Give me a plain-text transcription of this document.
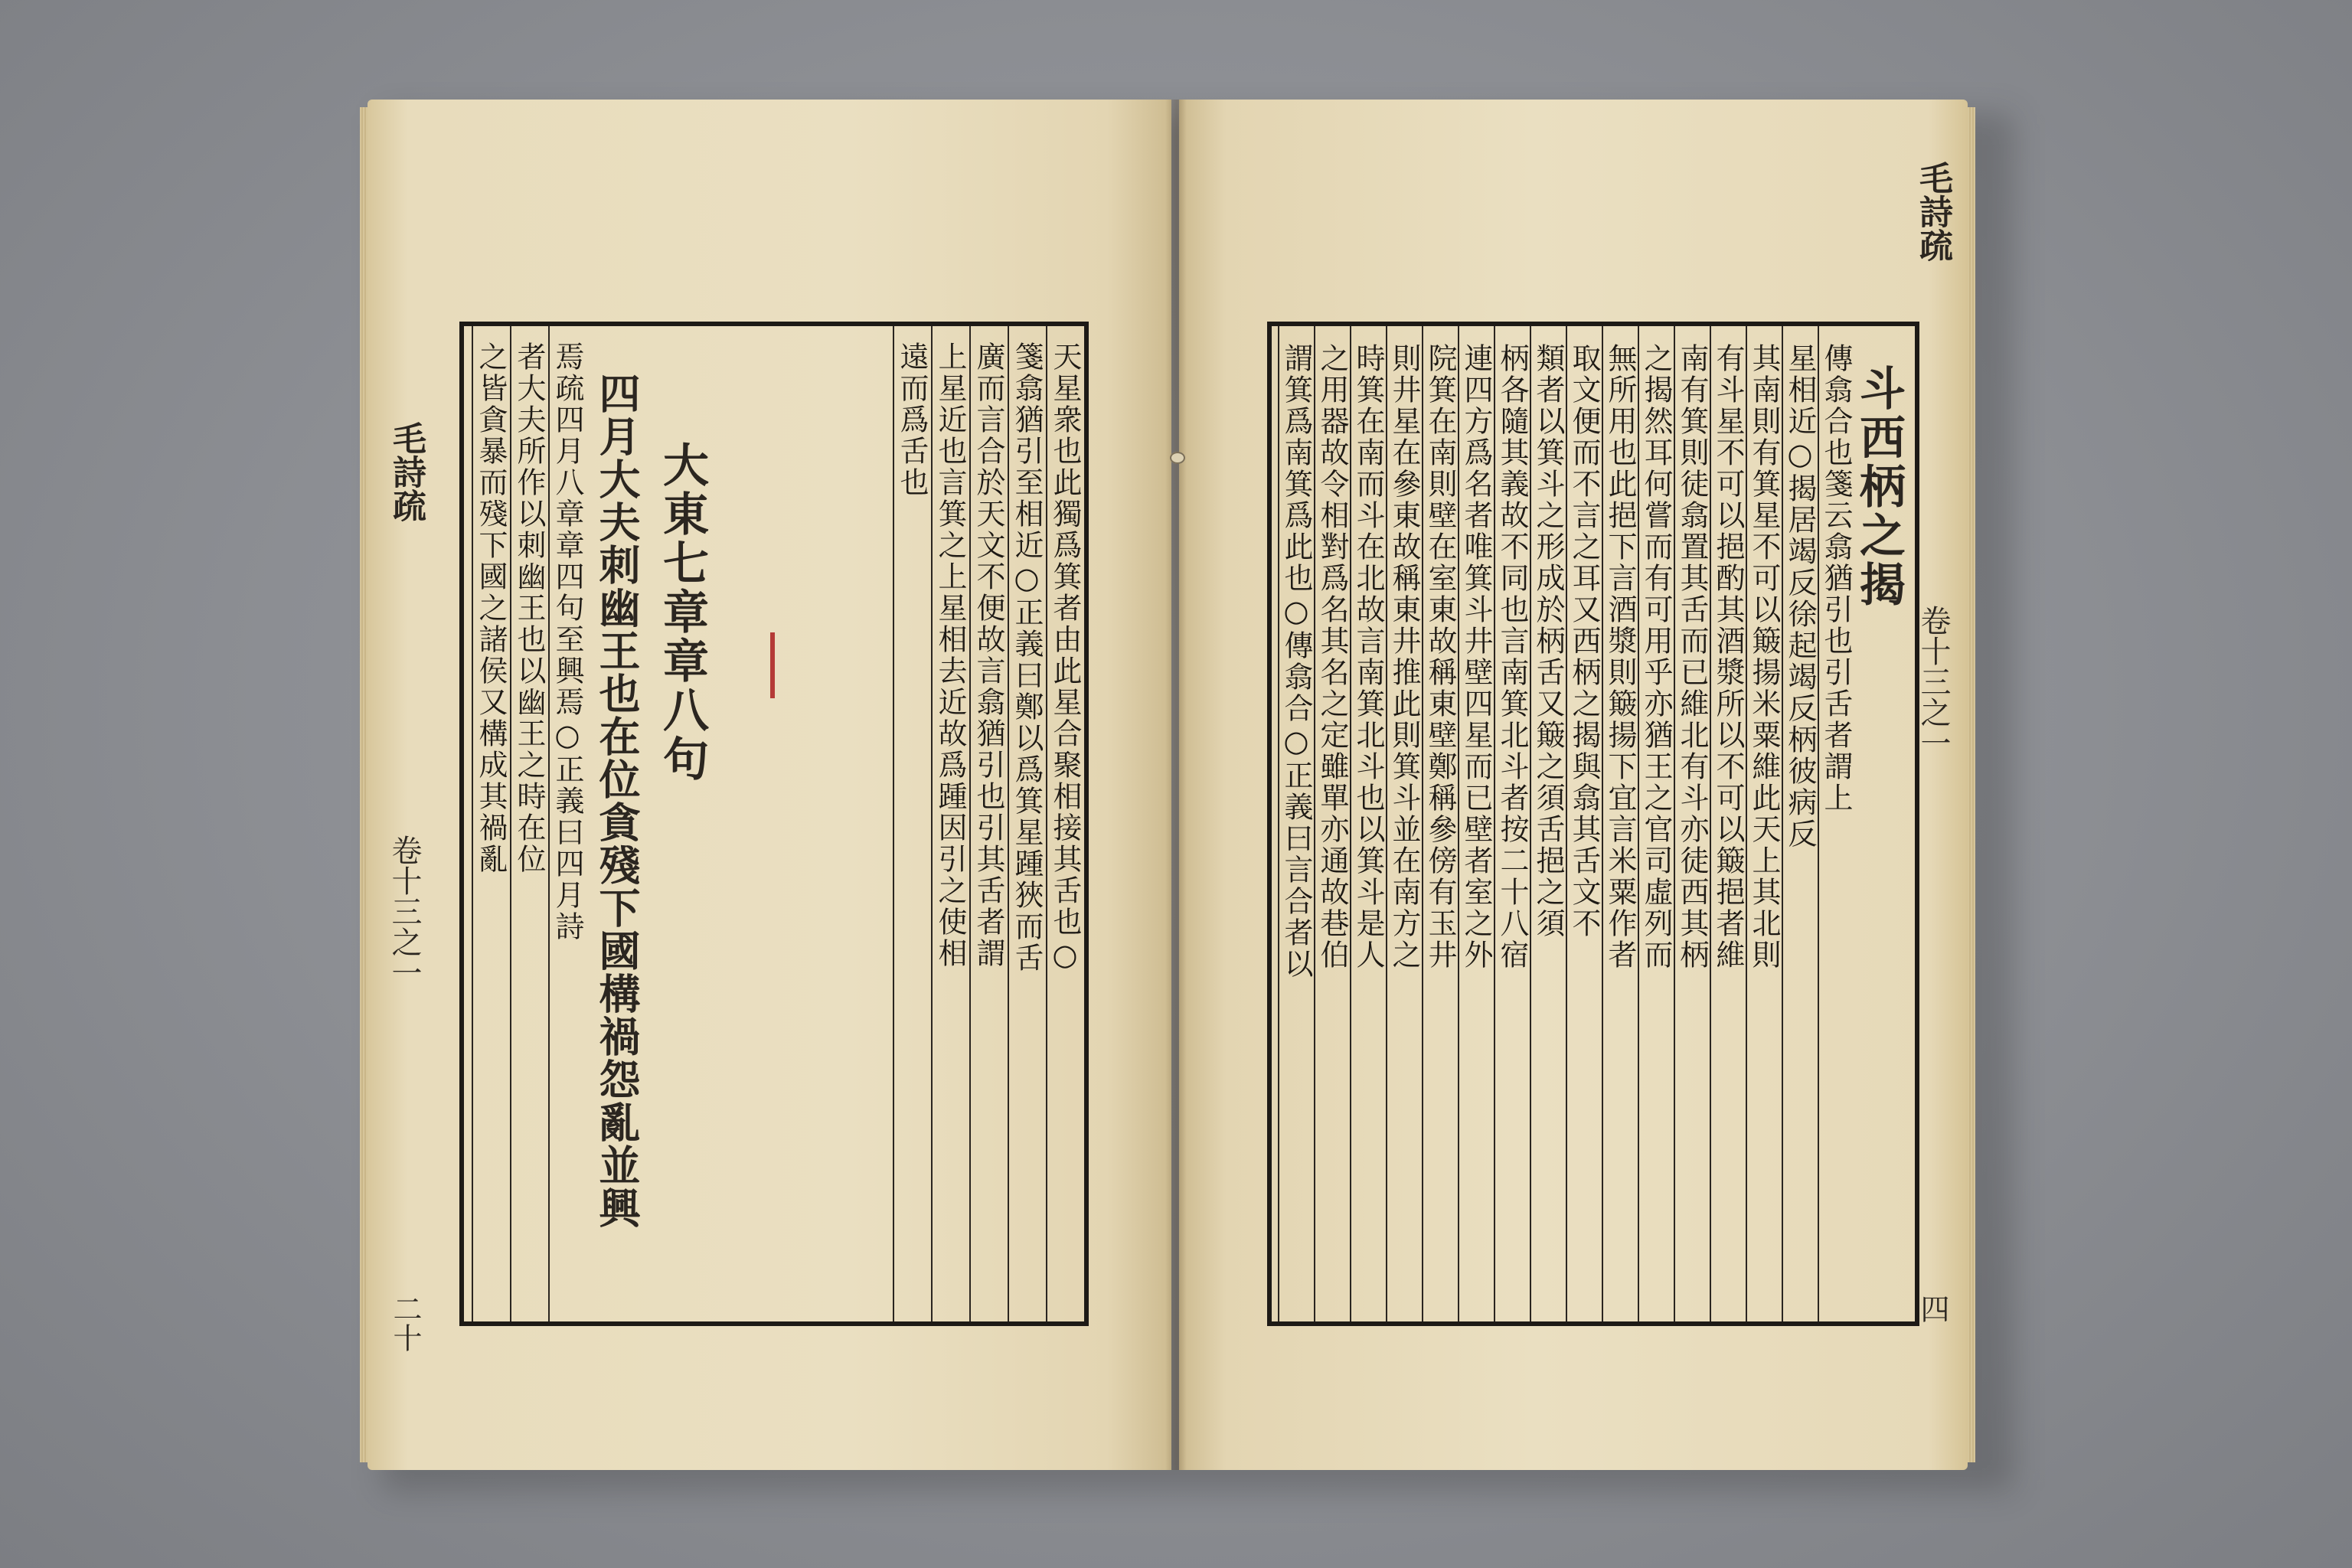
毛詩疏
卷十三之一
二十
毛詩疏
卷十三之一
四
天星衆也此獨爲箕者由此星合聚相接其舌也○
箋翕猶引至相近○正義曰鄭以爲箕星踵狹而舌
廣而言合於天文不便故言翕猶引也引其舌者謂
上星近也言箕之上星相去近故爲踵因引之使相
遠而爲舌也
焉疏四月八章章四句至興焉○正義曰四月詩
者大夫所作以刺幽王也以幽王之時在位
之皆貪暴而殘下國之諸侯又構成其禍亂	大東七章章八句
四月大夫刺幽王也在位貪殘下國構禍怨亂並興	傳翕合也箋云翕猶引也引舌者謂上
星相近○揭居竭反徐起竭反柄彼病反
其南則有箕星不可以簸揚米粟維此天上其北則
有斗星不可以挹酌其酒漿所以不可以簸挹者維
南有箕則徒翕置其舌而已維北有斗亦徒西其柄
之揭然耳何嘗而有可用乎亦猶王之官司虛列而
無所用也此挹下言酒漿則簸揚下宜言米粟作者
取文便而不言之耳又西柄之揭與翕其舌文不
類者以箕斗之形成於柄舌又簸之須舌挹之須
柄各隨其義故不同也言南箕北斗者按二十八宿
連四方爲名者唯箕斗井壁四星而已壁者室之外
院箕在南則壁在室東故稱東壁鄭稱參傍有玉井
則井星在參東故稱東井推此則箕斗並在南方之
時箕在南而斗在北故言南箕北斗也以箕斗是人
之用器故令相對爲名其名之定雖單亦通故巷伯
謂箕爲南箕爲此也○傳翕合○正義曰言合者以	斗西柄之揭
